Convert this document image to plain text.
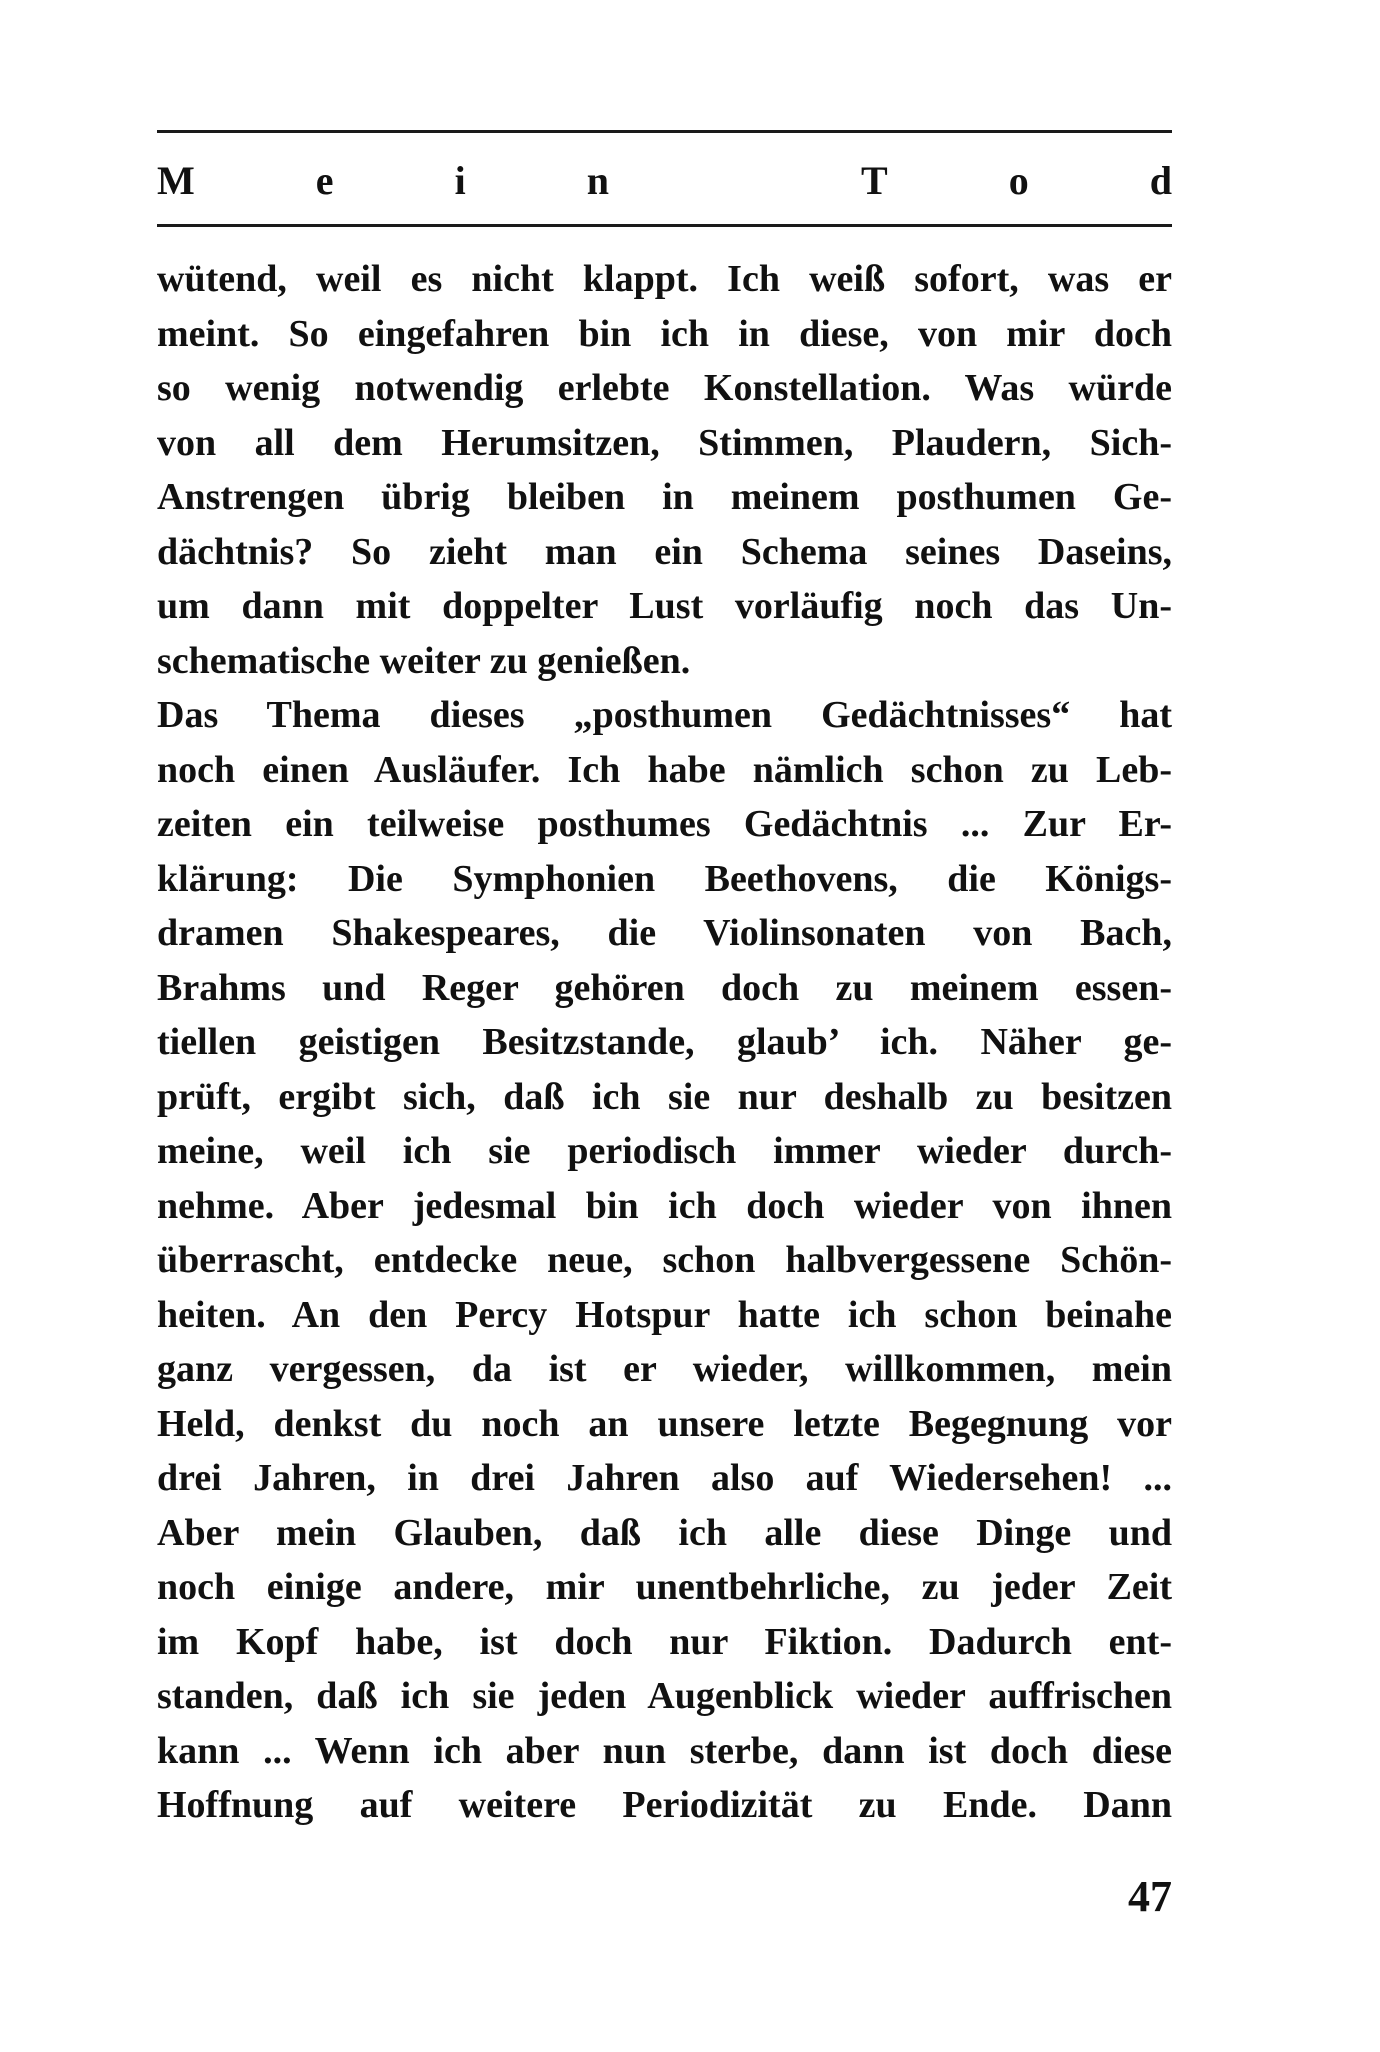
M	e	i	n
	T	o	d
wütend, weil es nicht klappt. Ich weiß sofort, was er
meint. So eingefahren bin ich in diese, von mir doch
so wenig notwendig erlebte Konstellation. Was würde
von all dem Herumsitzen, Stimmen, Plaudern, Sich-
Anstrengen übrig bleiben in meinem posthumen Ge-
dächtnis? So zieht man ein Schema seines Daseins,
um dann mit doppelter Lust vorläufig noch das Un-
schematische weiter zu genießen.
Das Thema dieses „posthumen Gedächtnisses“ hat
noch einen Ausläufer. Ich habe nämlich schon zu Leb-
zeiten ein teilweise posthumes Gedächtnis ... Zur Er-
klärung: Die Symphonien Beethovens, die Königs-
dramen Shakespeares, die Violinsonaten von Bach,
Brahms und Reger gehören doch zu meinem essen-
tiellen geistigen Besitzstande, glaub’ ich. Näher ge-
prüft, ergibt sich, daß ich sie nur deshalb zu besitzen
meine, weil ich sie periodisch immer wieder durch-
nehme. Aber jedesmal bin ich doch wieder von ihnen
überrascht, entdecke neue, schon halbvergessene Schön-
heiten. An den Percy Hotspur hatte ich schon beinahe
ganz vergessen, da ist er wieder, willkommen, mein
Held, denkst du noch an unsere letzte Begegnung vor
drei Jahren, in drei Jahren also auf Wiedersehen! ...
Aber mein Glauben, daß ich alle diese Dinge und
noch einige andere, mir unentbehrliche, zu jeder Zeit
im Kopf habe, ist doch nur Fiktion. Dadurch ent-
standen, daß ich sie jeden Augenblick wieder auffrischen
kann ... Wenn ich aber nun sterbe, dann ist doch diese
Hoffnung auf weitere Periodizität zu Ende. Dann
47
